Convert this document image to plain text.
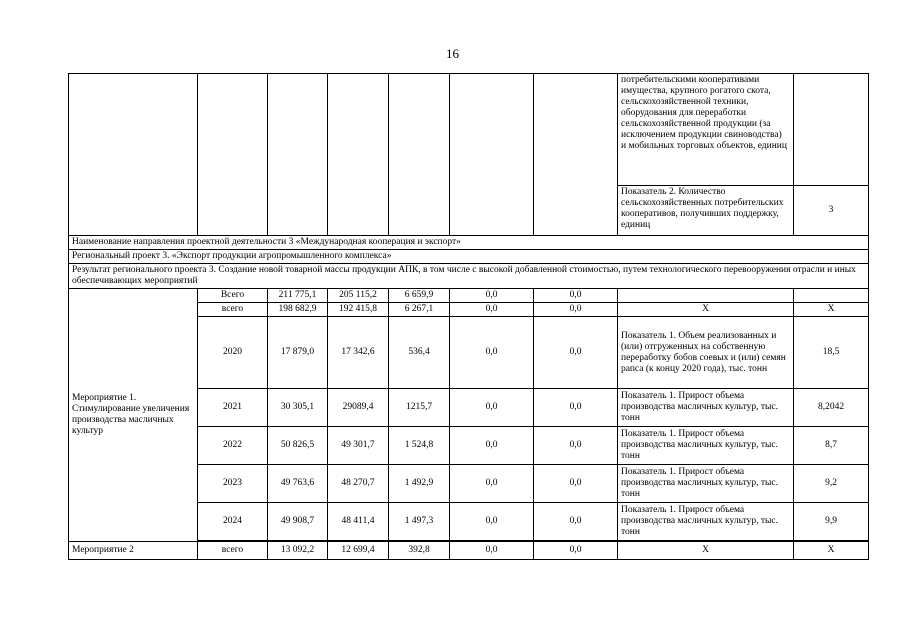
16
							потребительскими кооперативами имущества, крупного рогатого скота, сельскохозяйственной техники, оборудования для переработки сельскохозяйственной продукции (за исключением продукции свиноводства)
и мобильных торговых объектов, единиц	
							Показатель 2. Количество сельскохозяйственных потребительских кооперативов, получивших поддержку, единиц	3
Наименование направления проектной деятельности 3 «Международная кооперация и экспорт»								
Региональный проект 3. «Экспорт продукции агропромышленного комплекса»								
Результат регионального проекта 3. Создание новой товарной массы продукции АПК, в том числе с высокой добавленной стоимостью, путем технологического перевооружения отрасли и иных обеспечивающих мероприятий								
Мероприятие 1. Стимулирование увеличения производства масличных культур	Всего	211 775,1	205 115,2	6 659,9	0,0	0,0		
	всего	198 682,9	192 415,8	6 267,1	0,0	0,0	Х	Х
	2020	17 879,0	17 342,6	536,4	0,0	0,0	Показатель 1. Объем реализованных и (или) отгруженных на собственную переработку бобов соевых и (или) семян рапса (к концу 2020 года), тыс. тонн	18,5
	2021	30 305,1	29089,4	1215,7	0,0	0,0	Показатель 1. Прирост объема производства масличных культур, тыс. тонн	8,2042
	2022	50 826,5	49 301,7	1 524,8	0,0	0,0	Показатель 1. Прирост объема производства масличных культур, тыс. тонн	8,7
	2023	49 763,6	48 270,7	1 492,9	0,0	0,0	Показатель 1. Прирост объема производства масличных культур, тыс. тонн	9,2
	2024	49 908,7	48 411,4	1 497,3	0,0	0,0	Показатель 1. Прирост объема производства масличных культур, тыс. тонн	9,9

Мероприятие 2	всего	13 092,2	12 699,4	392,8	0,0	0,0	Х	Х
